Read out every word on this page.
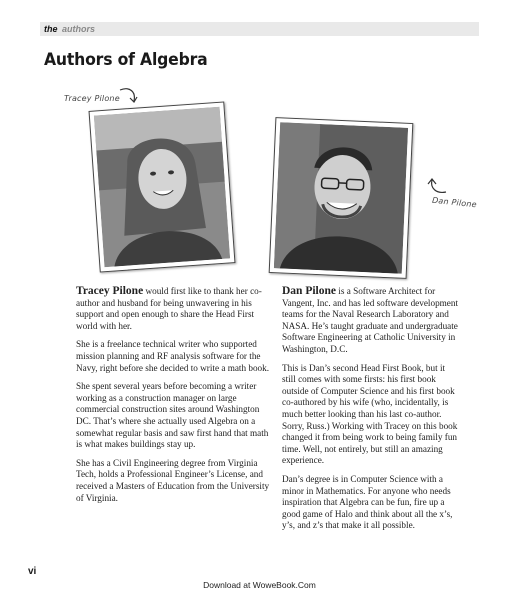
the authors
Authors of Algebra
Tracey Pilone
Dan Pilone

Tracey Pilone would first like to thank her co-author and husband for being unwavering in his support and open enough to share the Head First world with her.

She is a freelance technical writer who supported mission planning and RF analysis software for the Navy, right before she decided to write a math book.

She spent several years before becoming a writer working as a construction manager on large commercial construction sites around Washington DC. That’s where she actually used Algebra on a somewhat regular basis and saw first hand that math is what makes buildings stay up.

She has a Civil Engineering degree from Virginia Tech, holds a Professional Engineer’s License, and received a Masters of Education from the University of Virginia.

Dan Pilone is a Software Architect for Vangent, Inc. and has led software development teams for the Naval Research Laboratory and NASA. He’s taught graduate and undergraduate Software Engineering at Catholic University in Washington, D.C.

This is Dan’s second Head First Book, but it still comes with some firsts: his first book outside of Computer Science and his first book co-authored by his wife (who, incidentally, is much better looking than his last co-author. Sorry, Russ.) Working with Tracey on this book changed it from being work to being family fun time. Well, not entirely, but still an amazing experience.

Dan’s degree is in Computer Science with a minor in Mathematics. For anyone who needs inspiration that Algebra can be fun, fire up a good game of Halo and think about all the x’s, y’s, and z’s that make it all possible.

vi
Download at WoweBook.Com
